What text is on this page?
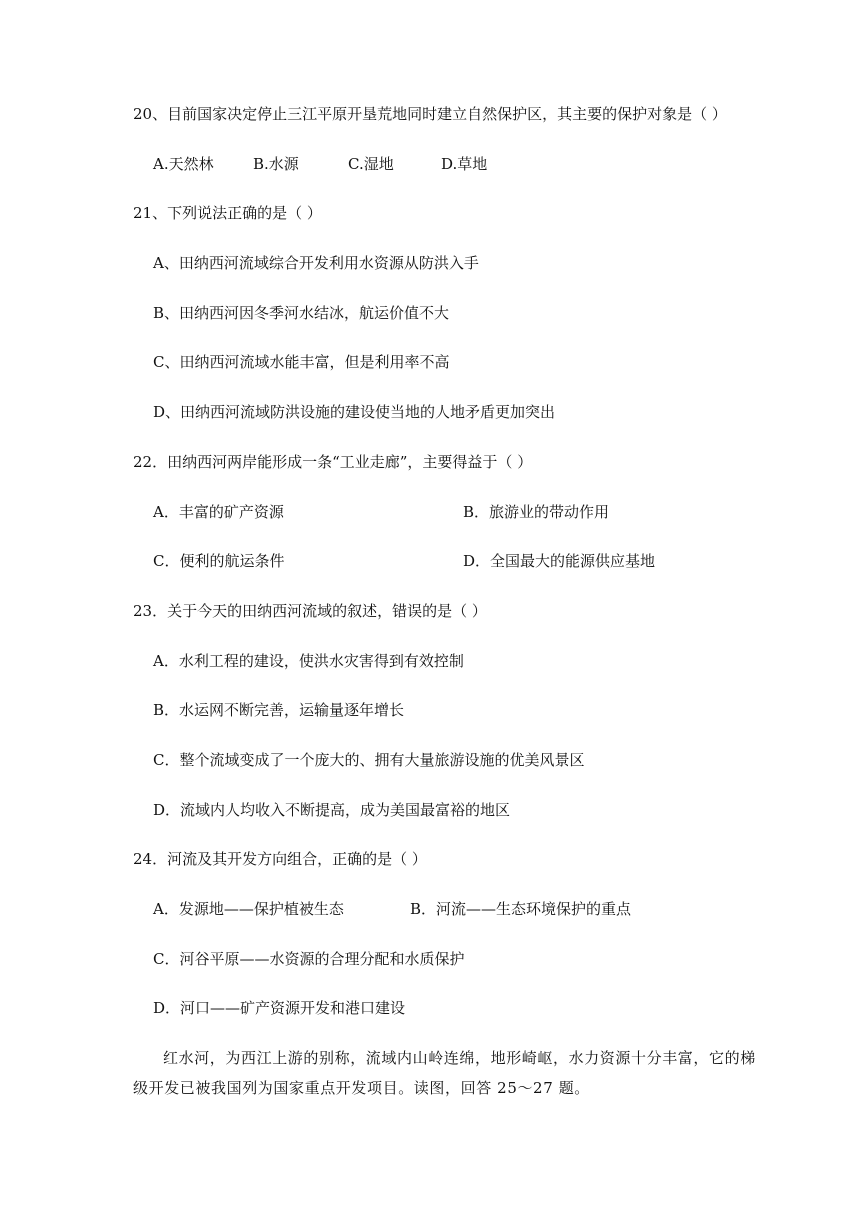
20、目前国家决定停止三江平原开垦荒地同时建立自然保护区，其主要的保护对象是（ ）
A.天然林	B.水源	C.湿地	D.草地
21、下列说法正确的是（ ）
A、田纳西河流域综合开发利用水资源从防洪入手
B、田纳西河因冬季河水结冰，航运价值不大
C、田纳西河流域水能丰富，但是利用率不高
D、田纳西河流域防洪设施的建设使当地的人地矛盾更加突出
22．田纳西河两岸能形成一条“工业走廊”，主要得益于（ ）
A．丰富的矿产资源	B．旅游业的带动作用
C．便利的航运条件	D．全国最大的能源供应基地
23．关于今天的田纳西河流域的叙述，错误的是（ ）
A．水利工程的建设，使洪水灾害得到有效控制
B．水运网不断完善，运输量逐年增长
C．整个流域变成了一个庞大的、拥有大量旅游设施的优美风景区
D．流域内人均收入不断提高，成为美国最富裕的地区
24．河流及其开发方向组合，正确的是（ ）
A．发源地——保护植被生态	B．河流——生态环境保护的重点
C．河谷平原——水资源的合理分配和水质保护
D．河口——矿产资源开发和港口建设
红水河，为西江上游的别称，流域内山岭连绵，地形崎岖，水力资源十分丰富，它的梯
级开发已被我国列为国家重点开发项目。读图，回答 25～27 题。
